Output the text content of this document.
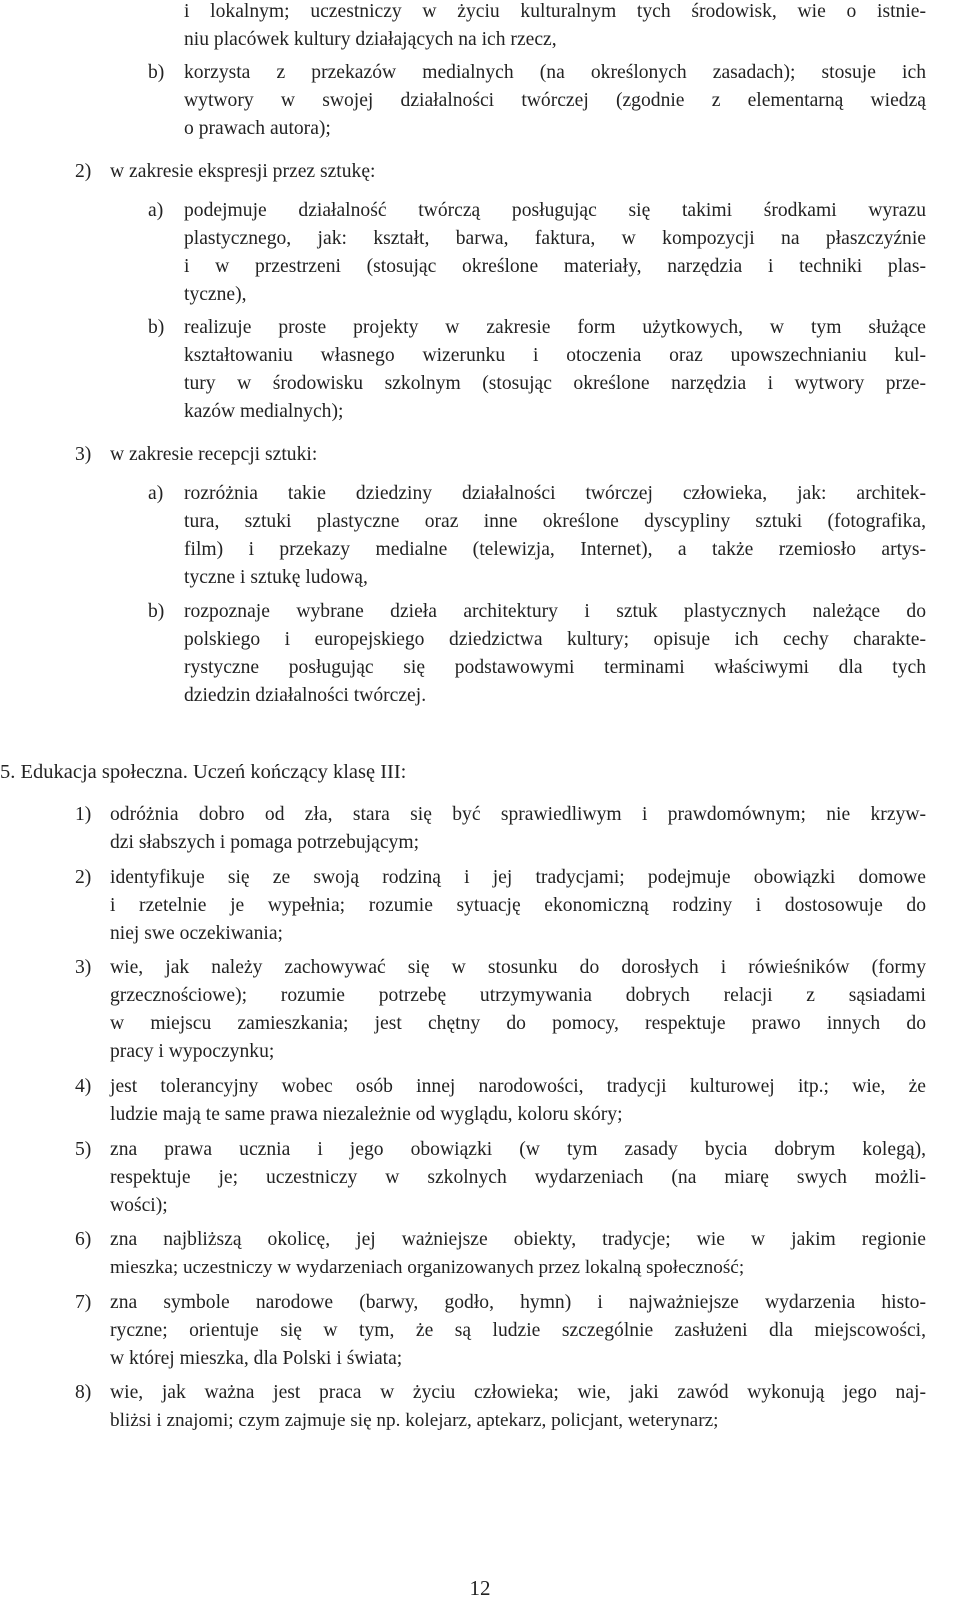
i lokalnym; uczestniczy w życiu kulturalnym tych środowisk, wie o istnie-
niu placówek kultury działających na ich rzecz,
b) korzysta z przekazów medialnych (na określonych zasadach); stosuje ich
wytwory w swojej działalności twórczej (zgodnie z elementarną wiedzą
o prawach autora);
2) w zakresie ekspresji przez sztukę:
a) podejmuje działalność twórczą posługując się takimi środkami wyrazu
plastycznego, jak: kształt, barwa, faktura, w kompozycji na płaszczyźnie
i w przestrzeni (stosując określone materiały, narzędzia i techniki plas-
tyczne),
b) realizuje proste projekty w zakresie form użytkowych, w tym służące
kształtowaniu własnego wizerunku i otoczenia oraz upowszechnianiu kul-
tury w środowisku szkolnym (stosując określone narzędzia i wytwory prze-
kazów medialnych);
3) w zakresie recepcji sztuki:
a) rozróżnia takie dziedziny działalności twórczej człowieka, jak: architek-
tura, sztuki plastyczne oraz inne określone dyscypliny sztuki (fotografika,
film) i przekazy medialne (telewizja, Internet), a także rzemiosło artys-
tyczne i sztukę ludową,
b) rozpoznaje wybrane dzieła architektury i sztuk plastycznych należące do
polskiego i europejskiego dziedzictwa kultury; opisuje ich cechy charakte-
rystyczne posługując się podstawowymi terminami właściwymi dla tych
dziedzin działalności twórczej.
5. Edukacja społeczna. Uczeń kończący klasę III:
1) odróżnia dobro od zła, stara się być sprawiedliwym i prawdomównym; nie krzyw-
dzi słabszych i pomaga potrzebującym;
2) identyfikuje się ze swoją rodziną i jej tradycjami; podejmuje obowiązki domowe
i rzetelnie je wypełnia; rozumie sytuację ekonomiczną rodziny i dostosowuje do
niej swe oczekiwania;
3) wie, jak należy zachowywać się w stosunku do dorosłych i rówieśników (formy
grzecznościowe); rozumie potrzebę utrzymywania dobrych relacji z sąsiadami
w miejscu zamieszkania; jest chętny do pomocy, respektuje prawo innych do
pracy i wypoczynku;
4) jest tolerancyjny wobec osób innej narodowości, tradycji kulturowej itp.; wie, że
ludzie mają te same prawa niezależnie od wyglądu, koloru skóry;
5) zna prawa ucznia i jego obowiązki (w tym zasady bycia dobrym kolegą),
respektuje je; uczestniczy w szkolnych wydarzeniach (na miarę swych możli-
wości);
6) zna najbliższą okolicę, jej ważniejsze obiekty, tradycje; wie w jakim regionie
mieszka; uczestniczy w wydarzeniach organizowanych przez lokalną społeczność;
7) zna symbole narodowe (barwy, godło, hymn) i najważniejsze wydarzenia histo-
ryczne; orientuje się w tym, że są ludzie szczególnie zasłużeni dla miejscowości,
w której mieszka, dla Polski i świata;
8) wie, jak ważna jest praca w życiu człowieka; wie, jaki zawód wykonują jego naj-
bliżsi i znajomi; czym zajmuje się np. kolejarz, aptekarz, policjant, weterynarz;
12
